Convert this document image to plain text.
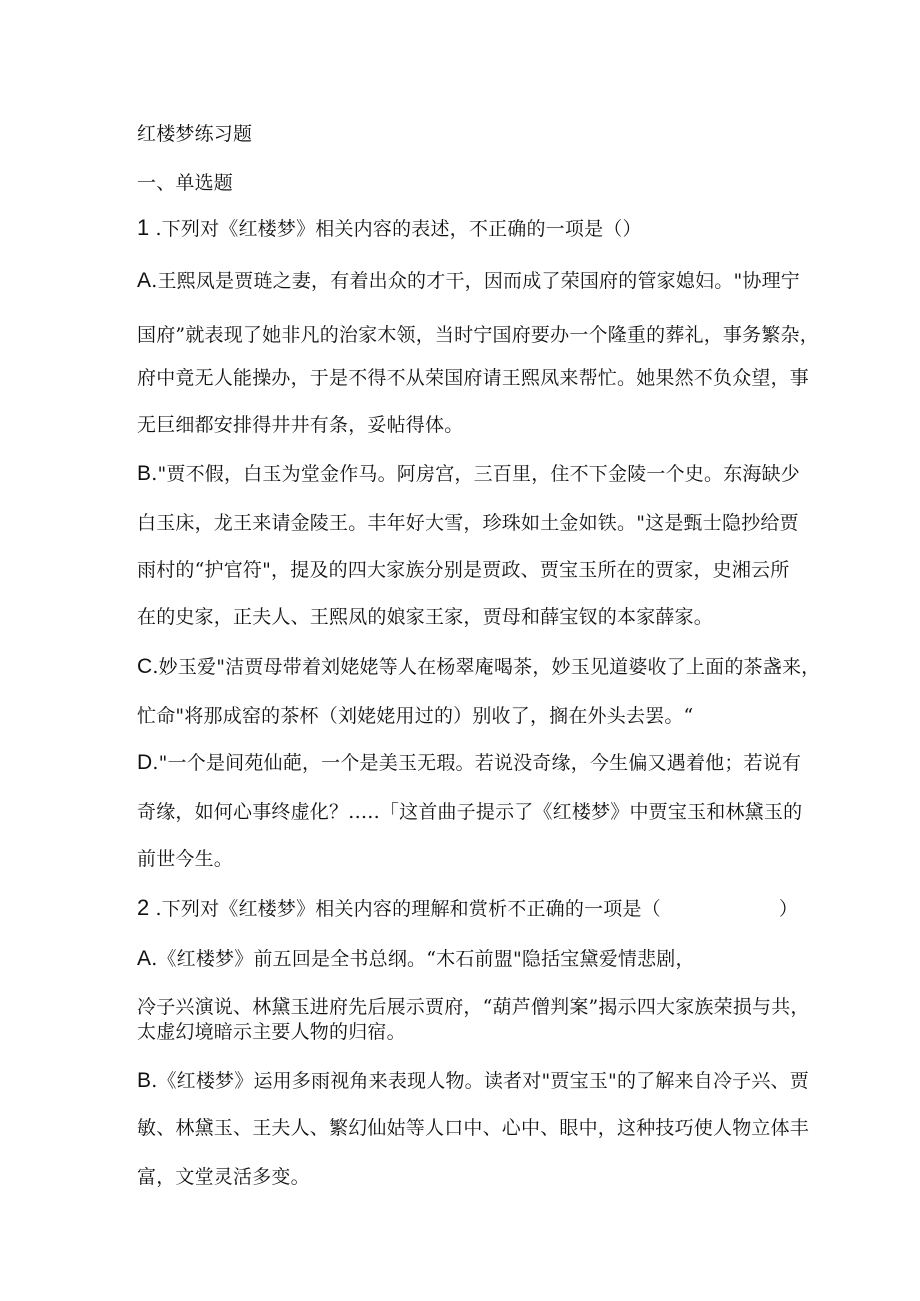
红楼梦练习题
一、单选题
1 .下列对《红楼梦》相关内容的表述，不正确的一项是（）
A.王熙凤是贾琏之妻，有着出众的才干，因而成了荣国府的管家媳妇。"协理宁
国府”就表现了她非凡的治家木领，当时宁国府要办一个隆重的葬礼，事务繁杂，
府中竟无人能操办，于是不得不从荣国府请王熙凤来帮忙。她果然不负众望，事
无巨细都安排得井井有条，妥帖得体。
B."贾不假，白玉为堂金作马。阿房宫，三百里，住不下金陵一个史。东海缺少
白玉床，龙王来请金陵王。丰年好大雪，珍珠如土金如铁。"这是甄士隐抄给贾
雨村的“护官符"，提及的四大家族分别是贾政、贾宝玉所在的贾家，史湘云所
在的史家，正夫人、王熙凤的娘家王家，贾母和薛宝钗的本家薛家。
C.妙玉爱"洁贾母带着刘姥姥等人在杨翠庵喝茶，妙玉见道婆收了上面的茶盏来，
忙命"将那成窑的茶杯（刘姥姥用过的）别收了，搁在外头去罢。“
D."一个是间苑仙葩，一个是美玉无瑕。若说没奇缘，今生偏又遇着他；若说有
奇缘，如何心事终虚化？.….「这首曲子提示了《红楼梦》中贾宝玉和林黛玉的
前世今生。
2 .下列对《红楼梦》相关内容的理解和赏析不正确的一项是（	）
A.《红楼梦》前五回是全书总纲。“木石前盟"隐括宝黛爱情悲剧，
冷子兴演说、林黛玉进府先后展示贾府，“葫芦僧判案”揭示四大家族荣损与共，
太虚幻境暗示主要人物的归宿。
B.《红楼梦》运用多雨视角来表现人物。读者对"贾宝玉"的了解来自冷子兴、贾
敏、林黛玉、王夫人、繁幻仙姑等人口中、心中、眼中，这种技巧使人物立体丰
富，文堂灵活多变。
